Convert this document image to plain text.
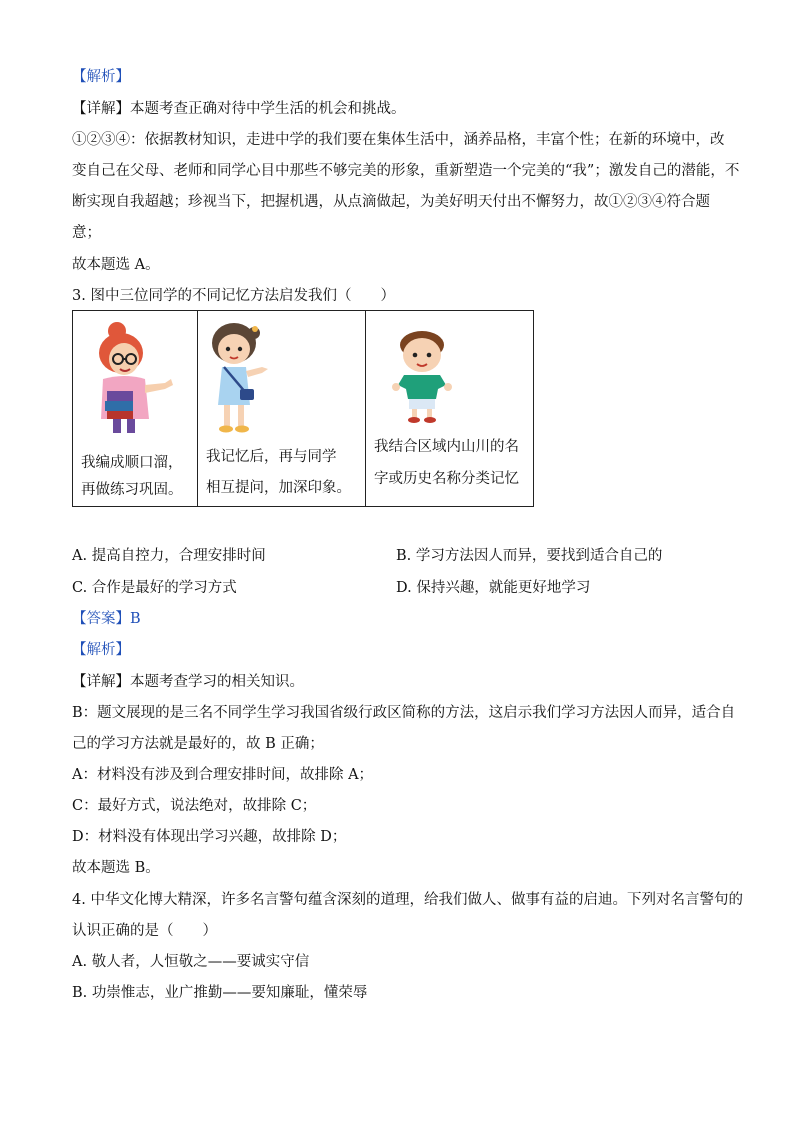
【解析】
【详解】本题考查正确对待中学生活的机会和挑战。
①②③④：依据教材知识，走进中学的我们要在集体生活中，涵养品格，丰富个性；在新的环境中，改
变自己在父母、老师和同学心目中那些不够完美的形象，重新塑造一个完美的“我”；激发自己的潜能，不
断实现自我超越；珍视当下，把握机遇，从点滴做起，为美好明天付出不懈努力，故①②③④符合题
意；
故本题选 A。
3. 图中三位同学的不同记忆方法启发我们（　　）
我编成顺口溜，
再做练习巩固。
我记忆后，再与同学
相互提问，加深印象。
我结合区域内山川的名
字或历史名称分类记忆
A. 提高自控力，合理安排时间	B. 学习方法因人而异，要找到适合自己的
C. 合作是最好的学习方式	D. 保持兴趣，就能更好地学习
【答案】B
【解析】
【详解】本题考查学习的相关知识。
B：题文展现的是三名不同学生学习我国省级行政区简称的方法，这启示我们学习方法因人而异，适合自
己的学习方法就是最好的，故 B 正确；
A：材料没有涉及到合理安排时间，故排除 A；
C：最好方式，说法绝对，故排除 C；
D：材料没有体现出学习兴趣，故排除 D；
故本题选 B。
4. 中华文化博大精深，许多名言警句蕴含深刻的道理，给我们做人、做事有益的启迪。下列对名言警句的
认识正确的是（　　）
A. 敬人者，人恒敬之——要诚实守信
B. 功崇惟志，业广推勤——要知廉耻，懂荣辱
